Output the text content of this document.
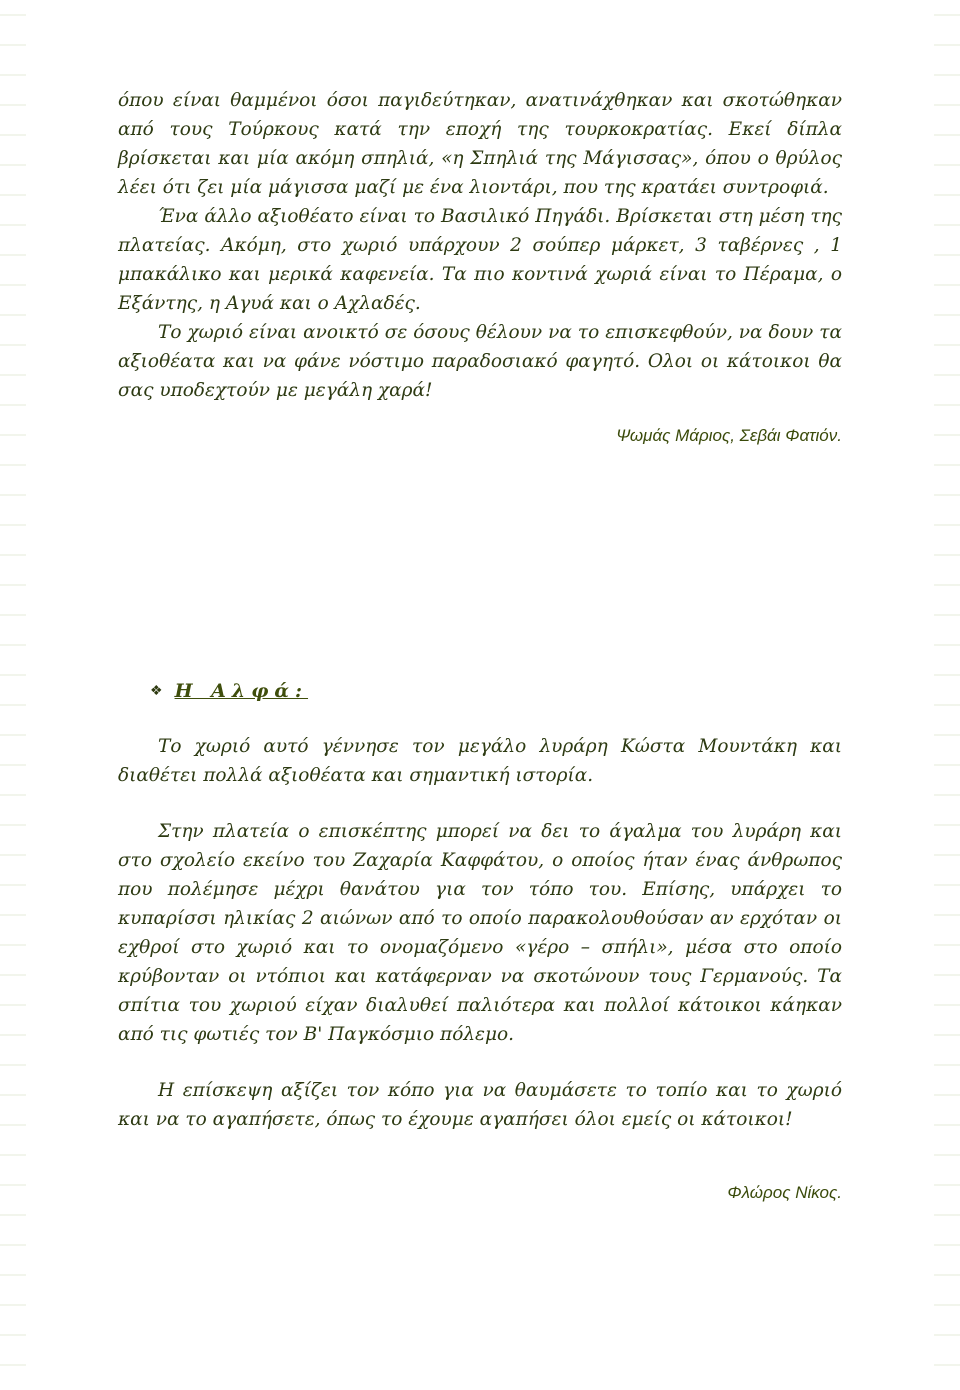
όπου είναι θαμμένοι όσοι παγιδεύτηκαν, ανατινάχθηκαν και σκοτώθηκαν από τους Τούρκους κατά την εποχή της τουρκοκρατίας. Εκεί δίπλα βρίσκεται και μία ακόμη σπηλιά, «η Σπηλιά της Μάγισσας», όπου ο θρύλος λέει ότι ζει μία μάγισσα μαζί με ένα λιοντάρι, που της κρατάει συντροφιά.

Ένα άλλο αξιοθέατο είναι το Βασιλικό Πηγάδι. Βρίσκεται στη μέση της πλατείας. Ακόμη, στο χωριό υπάρχουν 2 σούπερ μάρκετ, 3 ταβέρνες , 1 μπακάλικο και μερικά καφενεία. Τα πιο κοντινά χωριά είναι το Πέραμα, ο Εξάντης, η Αγυά και ο Αχλαδές.

Το χωριό είναι ανοικτό σε όσους θέλουν να το επισκεφθούν, να δουν τα αξιοθέατα και να φάνε νόστιμο παραδοσιακό φαγητό. Ολοι οι κάτοικοι θα σας υποδεχτούν με μεγάλη χαρά!

Ψωμάς Μάριος, Σεβάι Φατιόν.
❖ Η Αλφά:

Το χωριό αυτό γέννησε τον μεγάλο λυράρη Κώστα Μουντάκη και διαθέτει πολλά αξιοθέατα και σημαντική ιστορία.

Στην πλατεία ο επισκέπτης μπορεί να δει το άγαλμα του λυράρη και στο σχολείο εκείνο του Ζαχαρία Καφφάτου, ο οποίος ήταν ένας άνθρωπος που πολέμησε μέχρι θανάτου για τον τόπο του. Επίσης, υπάρχει το κυπαρίσσι ηλικίας 2 αιώνων από το οποίο παρακολουθούσαν αν ερχόταν οι εχθροί στο χωριό και το ονομαζόμενο «γέρο – σπήλι», μέσα στο οποίο κρύβονταν οι ντόπιοι και κατάφερναν να σκοτώνουν τους Γερμανούς. Τα σπίτια του χωριού είχαν διαλυθεί παλιότερα και πολλοί κάτοικοι κάηκαν από τις φωτιές τον Β' Παγκόσμιο πόλεμο.

Η επίσκεψη αξίζει τον κόπο για να θαυμάσετε το τοπίο και το χωριό και να το αγαπήσετε, όπως το έχουμε αγαπήσει όλοι εμείς οι κάτοικοι!

Φλώρος Νίκος.
